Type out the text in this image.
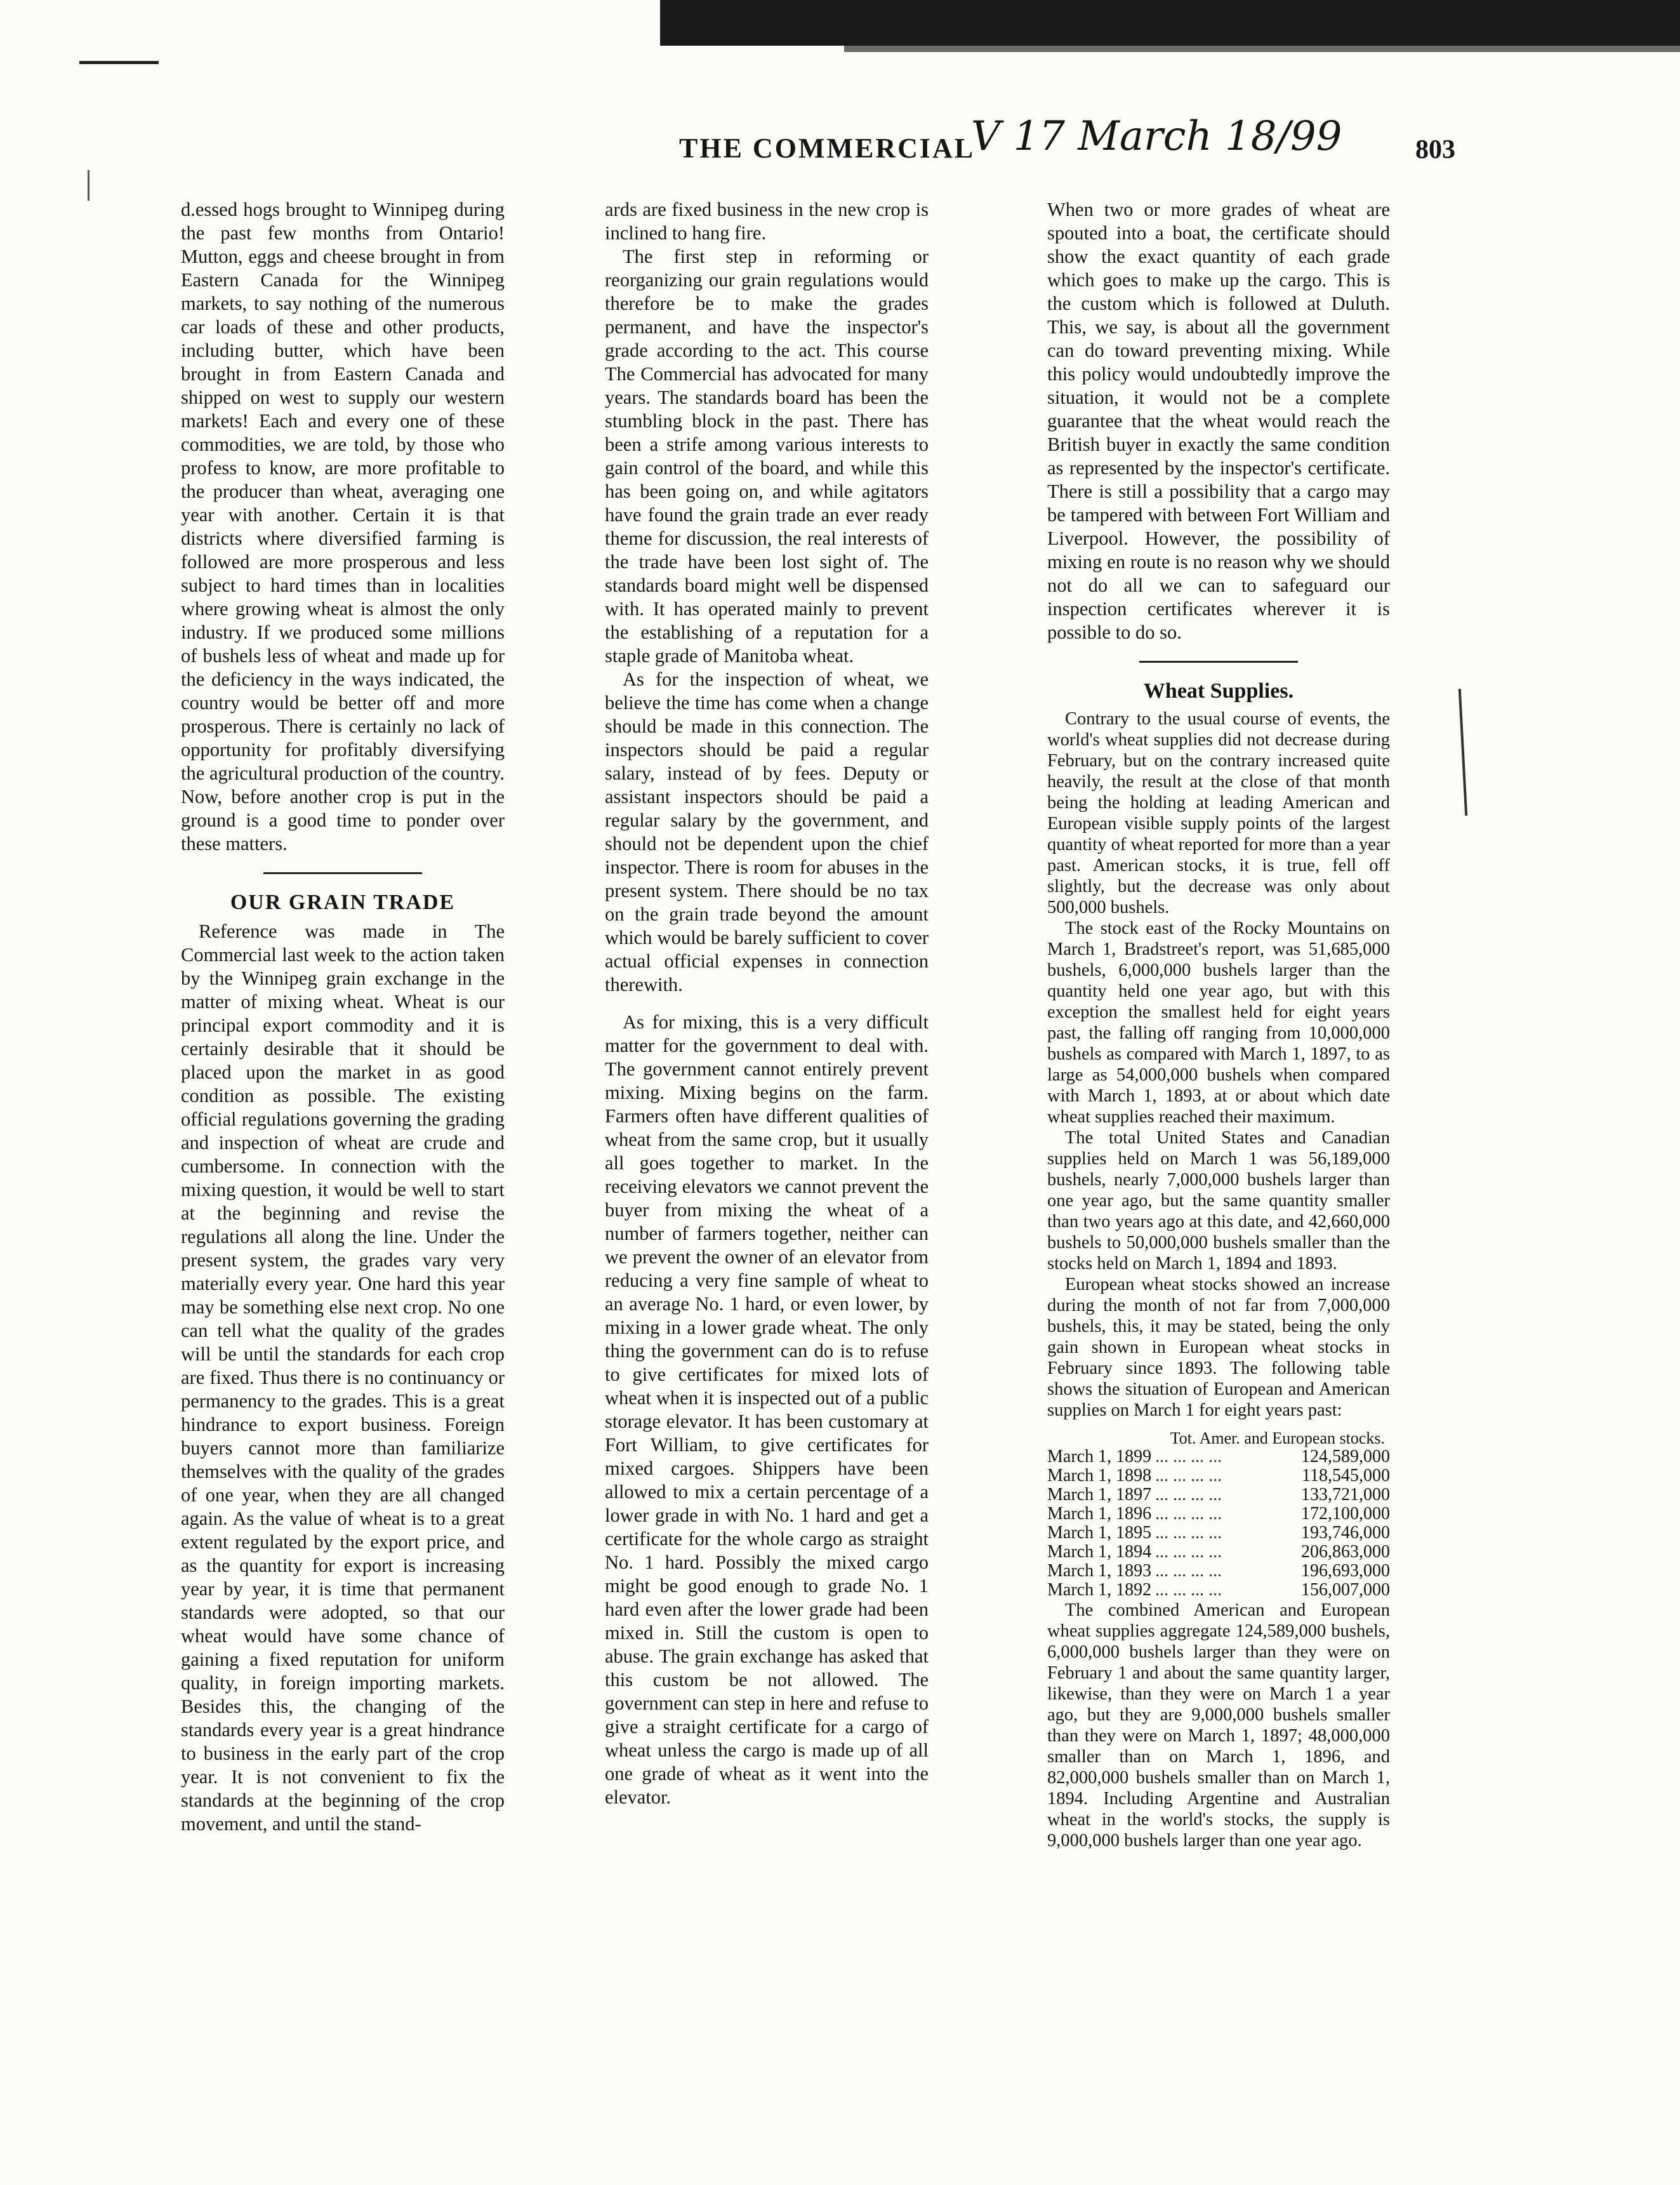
THE COMMERCIAL
V 17 March 18/99	803

d.essed hogs brought to Winnipeg during the past few months from Ontario! Mutton, eggs and cheese brought in from Eastern Canada for the Winnipeg markets, to say nothing of the numerous car loads of these and other products, including butter, which have been brought in from Eastern Canada and shipped on west to supply our western markets! Each and every one of these commodities, we are told, by those who profess to know, are more profitable to the producer than wheat, averaging one year with another. Certain it is that districts where diversified farming is followed are more prosperous and less subject to hard times than in localities where growing wheat is almost the only industry. If we produced some millions of bushels less of wheat and made up for the deficiency in the ways indicated, the country would be better off and more prosperous. There is certainly no lack of opportunity for profitably diversifying the agricultural production of the country. Now, before another crop is put in the ground is a good time to ponder over these matters.

OUR GRAIN TRADE

Reference was made in The Commercial last week to the action taken by the Winnipeg grain exchange in the matter of mixing wheat. Wheat is our principal export commodity and it is certainly desirable that it should be placed upon the market in as good condition as possible. The existing official regulations governing the grading and inspection of wheat are crude and cumbersome. In connection with the mixing question, it would be well to start at the beginning and revise the regulations all along the line. Under the present system, the grades vary very materially every year. One hard this year may be something else next crop. No one can tell what the quality of the grades will be until the standards for each crop are fixed. Thus there is no continuancy or permanency to the grades. This is a great hindrance to export business. Foreign buyers cannot more than familiarize themselves with the quality of the grades of one year, when they are all changed again. As the value of wheat is to a great extent regulated by the export price, and as the quantity for export is increasing year by year, it is time that permanent standards were adopted, so that our wheat would have some chance of gaining a fixed reputation for uniform quality, in foreign importing markets. Besides this, the changing of the standards every year is a great hindrance to business in the early part of the crop year. It is not convenient to fix the standards at the beginning of the crop movement, and until the stand-

ards are fixed business in the new crop is inclined to hang fire.

The first step in reforming or reorganizing our grain regulations would therefore be to make the grades permanent, and have the inspector's grade according to the act. This course The Commercial has advocated for many years. The standards board has been the stumbling block in the past. There has been a strife among various interests to gain control of the board, and while this has been going on, and while agitators have found the grain trade an ever ready theme for discussion, the real interests of the trade have been lost sight of. The standards board might well be dispensed with. It has operated mainly to prevent the establishing of a reputation for a staple grade of Manitoba wheat.

As for the inspection of wheat, we believe the time has come when a change should be made in this connection. The inspectors should be paid a regular salary, instead of by fees. Deputy or assistant inspectors should be paid a regular salary by the government, and should not be dependent upon the chief inspector. There is room for abuses in the present system. There should be no tax on the grain trade beyond the amount which would be barely sufficient to cover actual official expenses in connection therewith.

As for mixing, this is a very difficult matter for the government to deal with. The government cannot entirely prevent mixing. Mixing begins on the farm. Farmers often have different qualities of wheat from the same crop, but it usually all goes together to market. In the receiving elevators we cannot prevent the buyer from mixing the wheat of a number of farmers together, neither can we prevent the owner of an elevator from reducing a very fine sample of wheat to an average No. 1 hard, or even lower, by mixing in a lower grade wheat. The only thing the government can do is to refuse to give certificates for mixed lots of wheat when it is inspected out of a public storage elevator. It has been customary at Fort William, to give certificates for mixed cargoes. Shippers have been allowed to mix a certain percentage of a lower grade in with No. 1 hard and get a certificate for the whole cargo as straight No. 1 hard. Possibly the mixed cargo might be good enough to grade No. 1 hard even after the lower grade had been mixed in. Still the custom is open to abuse. The grain exchange has asked that this custom be not allowed. The government can step in here and refuse to give a straight certificate for a cargo of wheat unless the cargo is made up of all one grade of wheat as it went into the elevator.

When two or more grades of wheat are spouted into a boat, the certificate should show the exact quantity of each grade which goes to make up the cargo. This is the custom which is followed at Duluth. This, we say, is about all the government can do toward preventing mixing. While this policy would undoubtedly improve the situation, it would not be a complete guarantee that the wheat would reach the British buyer in exactly the same condition as represented by the inspector's certificate. There is still a possibility that a cargo may be tampered with between Fort William and Liverpool. However, the possibility of mixing en route is no reason why we should not do all we can to safeguard our inspection certificates wherever it is possible to do so.

Wheat Supplies.

Contrary to the usual course of events, the world's wheat supplies did not decrease during February, but on the contrary increased quite heavily, the result at the close of that month being the holding at leading American and European visible supply points of the largest quantity of wheat reported for more than a year past. American stocks, it is true, fell off slightly, but the decrease was only about 500,000 bushels.

The stock east of the Rocky Mountains on March 1, Bradstreet's report, was 51,685,000 bushels, 6,000,000 bushels larger than the quantity held one year ago, but with this exception the smallest held for eight years past, the falling off ranging from 10,000,000 bushels as compared with March 1, 1897, to as large as 54,000,000 bushels when compared with March 1, 1893, at or about which date wheat supplies reached their maximum.

The total United States and Canadian supplies held on March 1 was 56,189,000 bushels, nearly 7,000,000 bushels larger than one year ago, but the same quantity smaller than two years ago at this date, and 42,660,000 bushels to 50,000,000 bushels smaller than the stocks held on March 1, 1894 and 1893.

European wheat stocks showed an increase during the month of not far from 7,000,000 bushels, this, it may be stated, being the only gain shown in European wheat stocks in February since 1893. The following table shows the situation of European and American supplies on March 1 for eight years past:

Tot. Amer. and European stocks.
March 1, 1899 ... ... ... ...	124,589,000
March 1, 1898 ... ... ... ...	118,545,000
March 1, 1897 ... ... ... ...	133,721,000
March 1, 1896 ... ... ... ...	172,100,000
March 1, 1895 ... ... ... ...	193,746,000
March 1, 1894 ... ... ... ...	206,863,000
March 1, 1893 ... ... ... ...	196,693,000
March 1, 1892 ... ... ... ...	156,007,000

The combined American and European wheat supplies aggregate 124,589,000 bushels, 6,000,000 bushels larger than they were on February 1 and about the same quantity larger, likewise, than they were on March 1 a year ago, but they are 9,000,000 bushels smaller than they were on March 1, 1897; 48,000,000 smaller than on March 1, 1896, and 82,000,000 bushels smaller than on March 1, 1894. Including Argentine and Australian wheat in the world's stocks, the supply is 9,000,000 bushels larger than one year ago.
